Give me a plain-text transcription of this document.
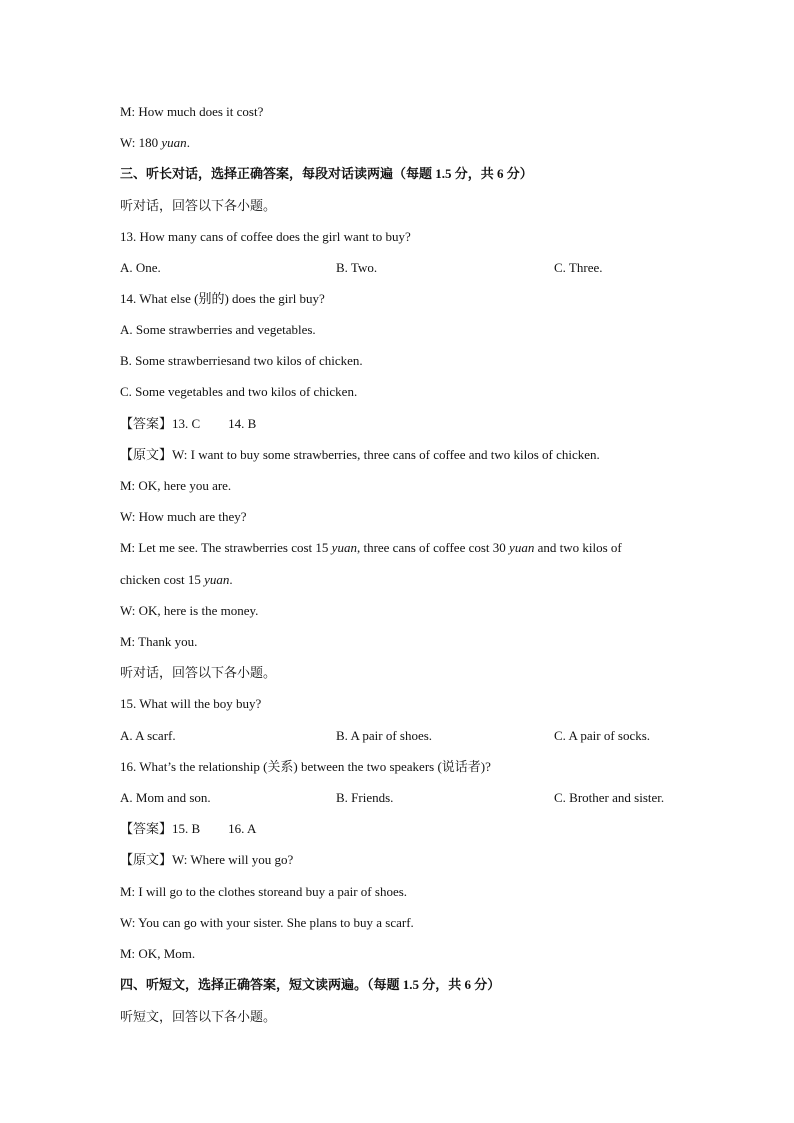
M: How much does it cost?
W: 180 yuan.
三、听长对话，选择正确答案，每段对话读两遍（每题 1.5 分，共 6 分）
听对话，回答以下各小题。
13. How many cans of coffee does the girl want to buy?
A. One.	B. Two.	C. Three.
14. What else (别的) does the girl buy?
A. Some strawberries and vegetables.
B. Some strawberriesand two kilos of chicken.
C. Some vegetables and two kilos of chicken.
【答案】13. C 14. B
【原文】W: I want to buy some strawberries, three cans of coffee and two kilos of chicken.
M: OK, here you are.
W: How much are they?
M: Let me see. The strawberries cost 15 yuan, three cans of coffee cost 30 yuan and two kilos of
chicken cost 15 yuan.
W: OK, here is the money.
M: Thank you.
听对话，回答以下各小题。
15. What will the boy buy?
A. A scarf.	B. A pair of shoes.	C. A pair of socks.
16. What’s the relationship (关系) between the two speakers (说话者)?
A. Mom and son.	B. Friends.	C. Brother and sister.
【答案】15. B 16. A
【原文】W: Where will you go?
M: I will go to the clothes storeand buy a pair of shoes.
W: You can go with your sister. She plans to buy a scarf.
M: OK, Mom.
四、听短文，选择正确答案，短文读两遍。（每题 1.5 分，共 6 分）
听短文，回答以下各小题。
